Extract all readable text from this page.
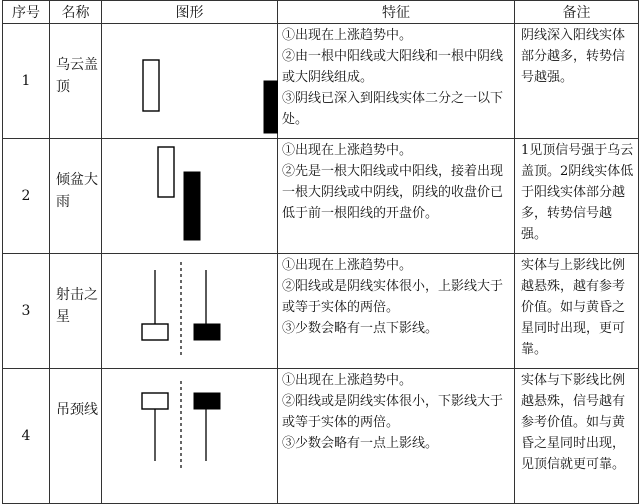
序号	名称	图形	特征	备注
1	乌云盖顶		①出现在上涨趋势中。
②由一根中阳线或大阳线和一根中阴线或大阴线组成。
③阴线已深入到阳线实体二分之一以下处。	阴线深入阳线实体部分越多，转势信号越强。
2	倾盆大雨		①出现在上涨趋势中。
②先是一根大阳线或中阳线，接着出现一根大阴线或中阴线，阴线的收盘价已低于前一根阳线的开盘价。	1见顶信号强于乌云盖顶。2阴线实体低于阳线实体部分越多，转势信号越强。
3	射击之星		①出现在上涨趋势中。
②阳线或是阴线实体很小，上影线大于或等于实体的两倍。
③少数会略有一点下影线。	实体与上影线比例越悬殊，越有参考价值。如与黄昏之星同时出现，更可靠。
4	吊颈线		①出现在上涨趋势中。
②阳线或是阴线实体很小，下影线大于或等于实体的两倍。
③少数会略有一点上影线。	实体与下影线比例越悬殊，信号越有参考价值。如与黄昏之星同时出现，见顶信就更可靠。
